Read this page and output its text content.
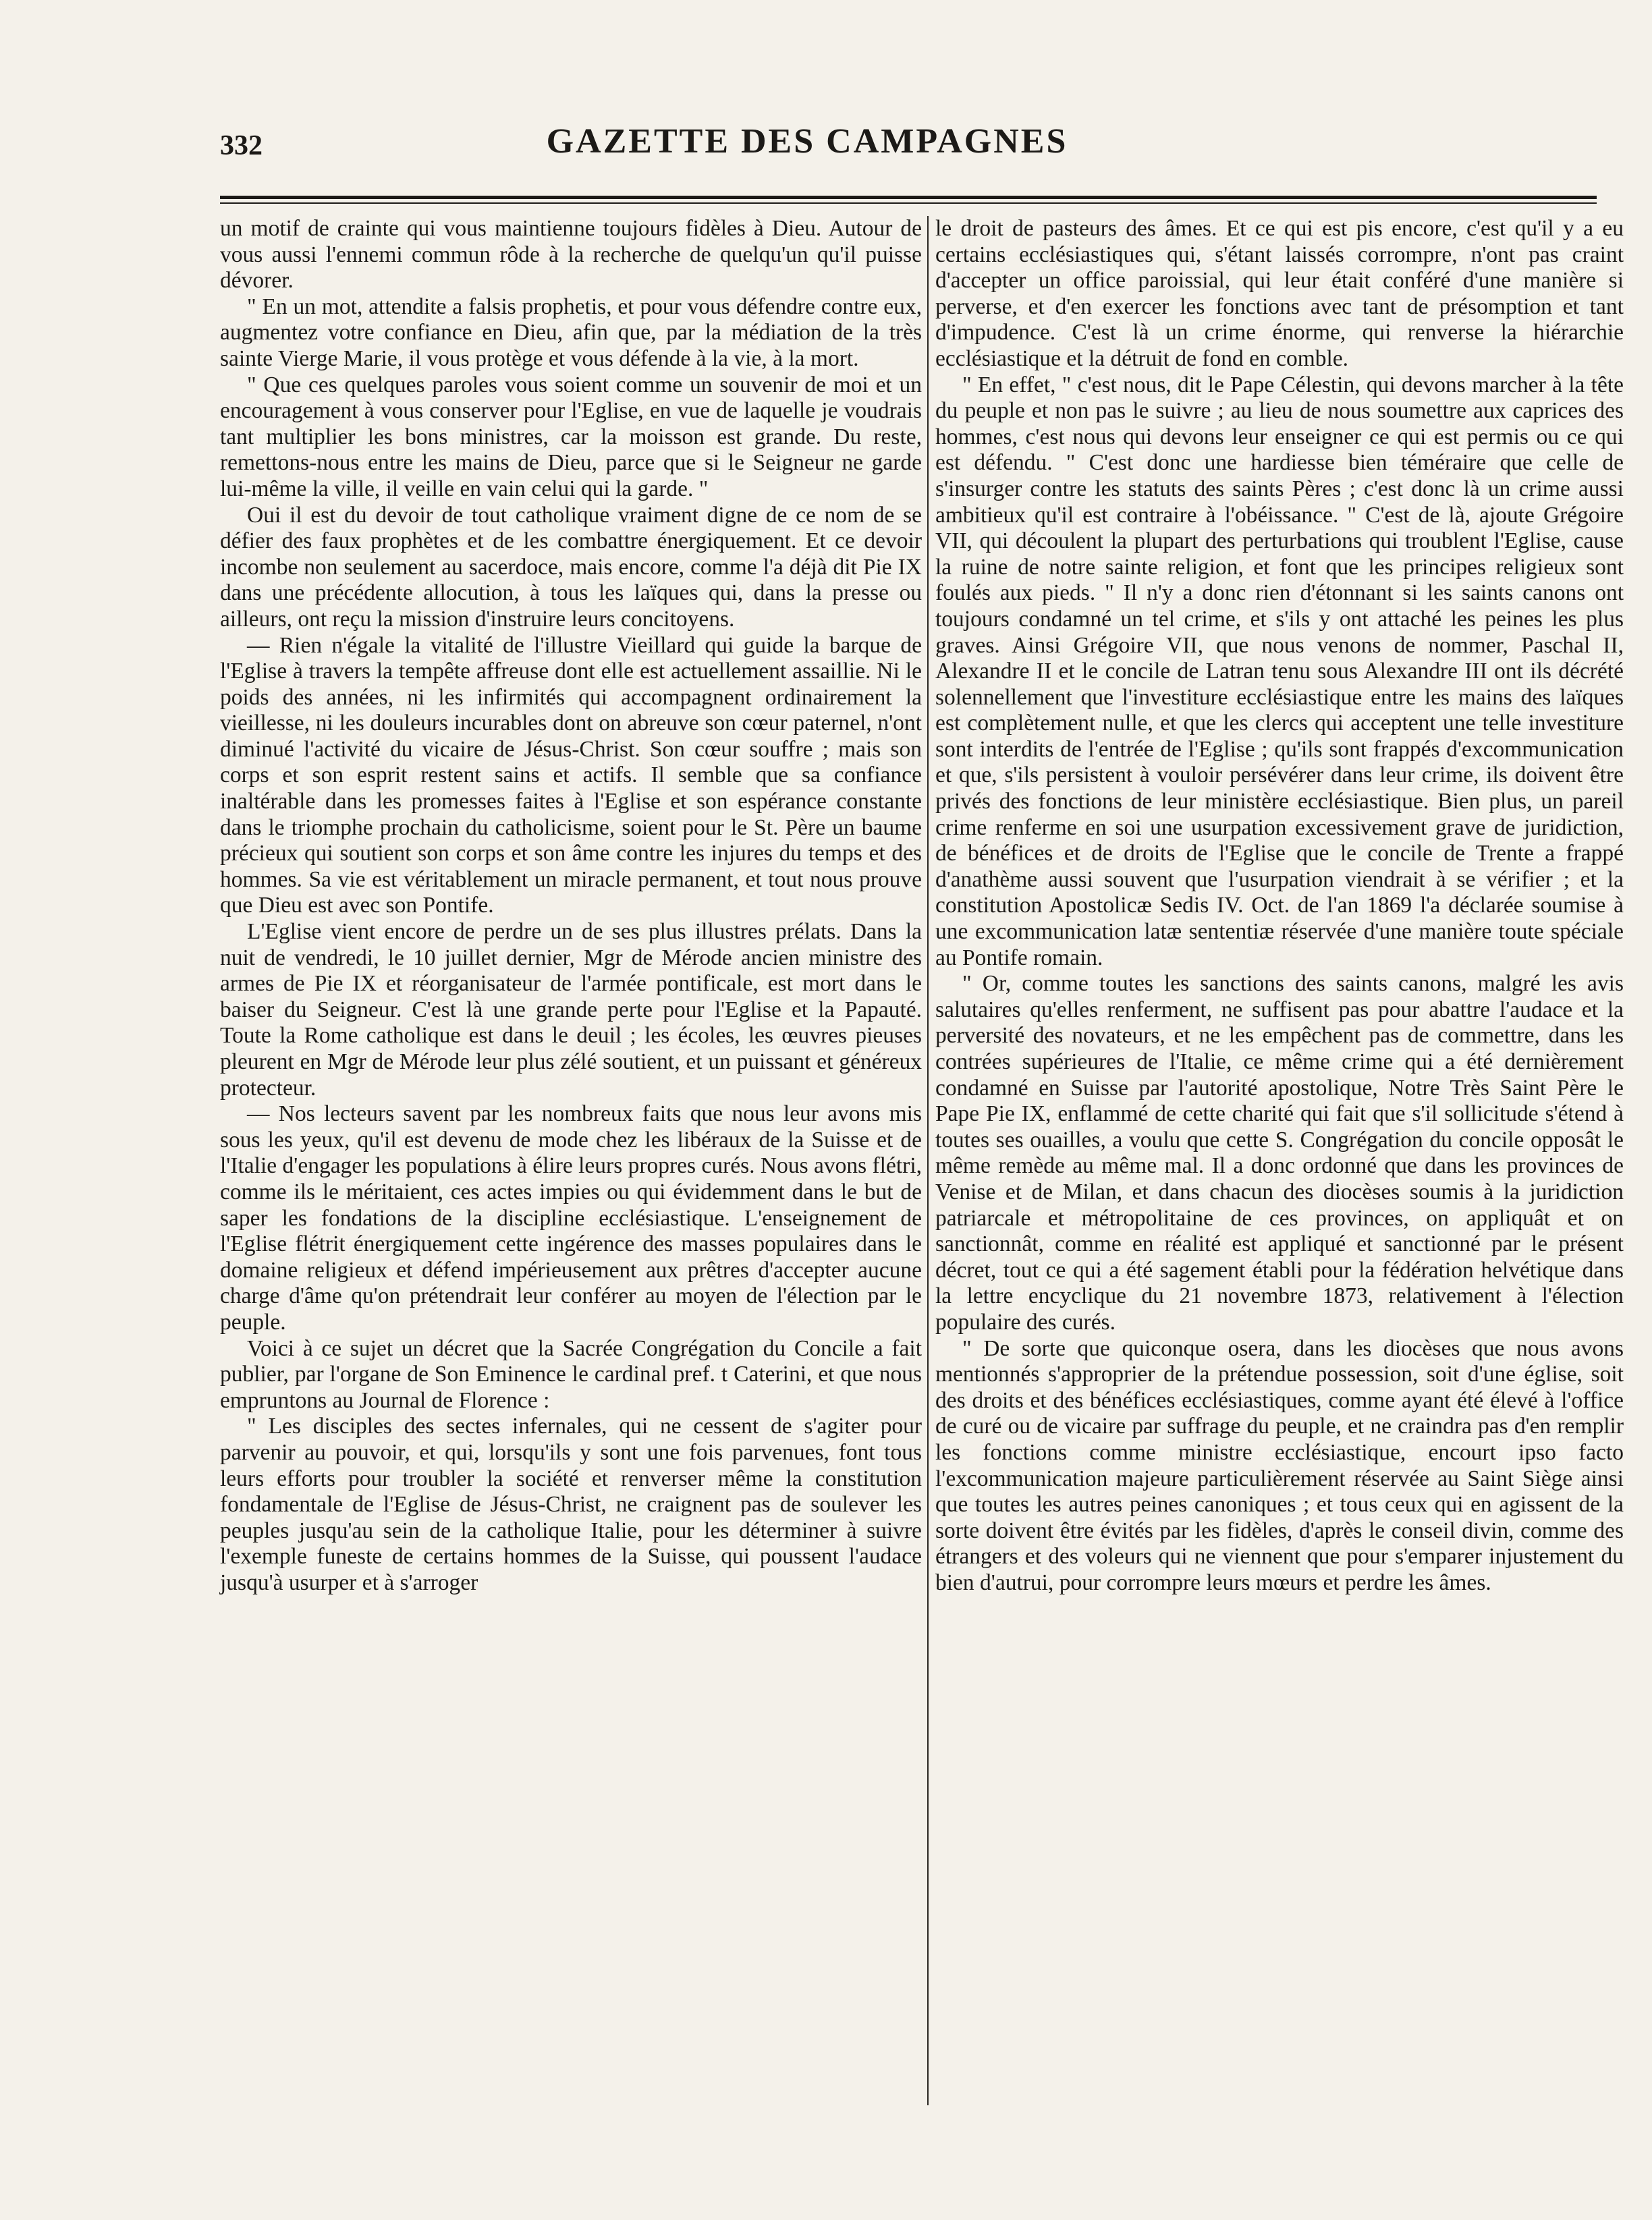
332	GAZETTE DES CAMPAGNES

un motif de crainte qui vous maintienne toujours fidèles à Dieu. Autour de vous aussi l'ennemi commun rôde à la recherche de quelqu'un qu'il puisse dévorer.

" En un mot, attendite a falsis prophetis, et pour vous défendre contre eux, augmentez votre confiance en Dieu, afin que, par la médiation de la très sainte Vierge Marie, il vous protège et vous défende à la vie, à la mort.

" Que ces quelques paroles vous soient comme un souvenir de moi et un encouragement à vous conserver pour l'Eglise, en vue de laquelle je voudrais tant multiplier les bons ministres, car la moisson est grande. Du reste, remettons-nous entre les mains de Dieu, parce que si le Seigneur ne garde lui-même la ville, il veille en vain celui qui la garde. "

Oui il est du devoir de tout catholique vraiment digne de ce nom de se défier des faux prophètes et de les combattre énergiquement. Et ce devoir incombe non seulement au sacerdoce, mais encore, comme l'a déjà dit Pie IX dans une précédente allocution, à tous les laïques qui, dans la presse ou ailleurs, ont reçu la mission d'instruire leurs concitoyens.

— Rien n'égale la vitalité de l'illustre Vieillard qui guide la barque de l'Eglise à travers la tempête affreuse dont elle est actuellement assaillie. Ni le poids des années, ni les infirmités qui accompagnent ordinairement la vieillesse, ni les douleurs incurables dont on abreuve son cœur paternel, n'ont diminué l'activité du vicaire de Jésus-Christ. Son cœur souffre ; mais son corps et son esprit restent sains et actifs. Il semble que sa confiance inaltérable dans les promesses faites à l'Eglise et son espérance constante dans le triomphe prochain du catholicisme, soient pour le St. Père un baume précieux qui soutient son corps et son âme contre les injures du temps et des hommes. Sa vie est véritablement un miracle permanent, et tout nous prouve que Dieu est avec son Pontife.

L'Eglise vient encore de perdre un de ses plus illustres prélats. Dans la nuit de vendredi, le 10 juillet dernier, Mgr de Mérode ancien ministre des armes de Pie IX et réorganisateur de l'armée pontificale, est mort dans le baiser du Seigneur. C'est là une grande perte pour l'Eglise et la Papauté. Toute la Rome catholique est dans le deuil ; les écoles, les œuvres pieuses pleurent en Mgr de Mérode leur plus zélé soutient, et un puissant et généreux protecteur.

— Nos lecteurs savent par les nombreux faits que nous leur avons mis sous les yeux, qu'il est devenu de mode chez les libéraux de la Suisse et de l'Italie d'engager les populations à élire leurs propres curés. Nous avons flétri, comme ils le méritaient, ces actes impies ou qui évidemment dans le but de saper les fondations de la discipline ecclésiastique. L'enseignement de l'Eglise flétrit énergiquement cette ingérence des masses populaires dans le domaine religieux et défend impérieusement aux prêtres d'accepter aucune charge d'âme qu'on prétendrait leur conférer au moyen de l'élection par le peuple.

Voici à ce sujet un décret que la Sacrée Congrégation du Concile a fait publier, par l'organe de Son Eminence le cardinal pref. t Caterini, et que nous empruntons au Journal de Florence :

" Les disciples des sectes infernales, qui ne cessent de s'agiter pour parvenir au pouvoir, et qui, lorsqu'ils y sont une fois parvenues, font tous leurs efforts pour troubler la société et renverser même la constitution fondamentale de l'Eglise de Jésus-Christ, ne craignent pas de soulever les peuples jusqu'au sein de la catholique Italie, pour les déterminer à suivre l'exemple funeste de certains hommes de la Suisse, qui poussent l'audace jusqu'à usurper et à s'arroger

le droit de pasteurs des âmes. Et ce qui est pis encore, c'est qu'il y a eu certains ecclésiastiques qui, s'étant laissés corrompre, n'ont pas craint d'accepter un office paroissial, qui leur était conféré d'une manière si perverse, et d'en exercer les fonctions avec tant de présomption et tant d'impudence. C'est là un crime énorme, qui renverse la hiérarchie ecclésiastique et la détruit de fond en comble.

" En effet, " c'est nous, dit le Pape Célestin, qui devons marcher à la tête du peuple et non pas le suivre ; au lieu de nous soumettre aux caprices des hommes, c'est nous qui devons leur enseigner ce qui est permis ou ce qui est défendu. " C'est donc une hardiesse bien téméraire que celle de s'insurger contre les statuts des saints Pères ; c'est donc là un crime aussi ambitieux qu'il est contraire à l'obéissance. " C'est de là, ajoute Grégoire VII, qui découlent la plupart des perturbations qui troublent l'Eglise, cause la ruine de notre sainte religion, et font que les principes religieux sont foulés aux pieds. " Il n'y a donc rien d'étonnant si les saints canons ont toujours condamné un tel crime, et s'ils y ont attaché les peines les plus graves. Ainsi Grégoire VII, que nous venons de nommer, Paschal II, Alexandre II et le concile de Latran tenu sous Alexandre III ont ils décrété solennellement que l'investiture ecclésiastique entre les mains des laïques est complètement nulle, et que les clercs qui acceptent une telle investiture sont interdits de l'entrée de l'Eglise ; qu'ils sont frappés d'excommunication et que, s'ils persistent à vouloir persévérer dans leur crime, ils doivent être privés des fonctions de leur ministère ecclésiastique. Bien plus, un pareil crime renferme en soi une usurpation excessivement grave de juridiction, de bénéfices et de droits de l'Eglise que le concile de Trente a frappé d'anathème aussi souvent que l'usurpation viendrait à se vérifier ; et la constitution Apostolicæ Sedis IV. Oct. de l'an 1869 l'a déclarée soumise à une excommunication latæ sententiæ réservée d'une manière toute spéciale au Pontife romain.

" Or, comme toutes les sanctions des saints canons, malgré les avis salutaires qu'elles renferment, ne suffisent pas pour abattre l'audace et la perversité des novateurs, et ne les empêchent pas de commettre, dans les contrées supérieures de l'Italie, ce même crime qui a été dernièrement condamné en Suisse par l'autorité apostolique, Notre Très Saint Père le Pape Pie IX, enflammé de cette charité qui fait que s'il sollicitude s'étend à toutes ses ouailles, a voulu que cette S. Congrégation du concile opposât le même remède au même mal. Il a donc ordonné que dans les provinces de Venise et de Milan, et dans chacun des diocèses soumis à la juridiction patriarcale et métropolitaine de ces provinces, on appliquât et on sanctionnât, comme en réalité est appliqué et sanctionné par le présent décret, tout ce qui a été sagement établi pour la fédération helvétique dans la lettre encyclique du 21 novembre 1873, relativement à l'élection populaire des curés.

" De sorte que quiconque osera, dans les diocèses que nous avons mentionnés s'approprier de la prétendue possession, soit d'une église, soit des droits et des bénéfices ecclésiastiques, comme ayant été élevé à l'office de curé ou de vicaire par suffrage du peuple, et ne craindra pas d'en remplir les fonctions comme ministre ecclésiastique, encourt ipso facto l'excommunication majeure particulièrement réservée au Saint Siège ainsi que toutes les autres peines canoniques ; et tous ceux qui en agissent de la sorte doivent être évités par les fidèles, d'après le conseil divin, comme des étrangers et des voleurs qui ne viennent que pour s'emparer injustement du bien d'autrui, pour corrompre leurs mœurs et perdre les âmes.
